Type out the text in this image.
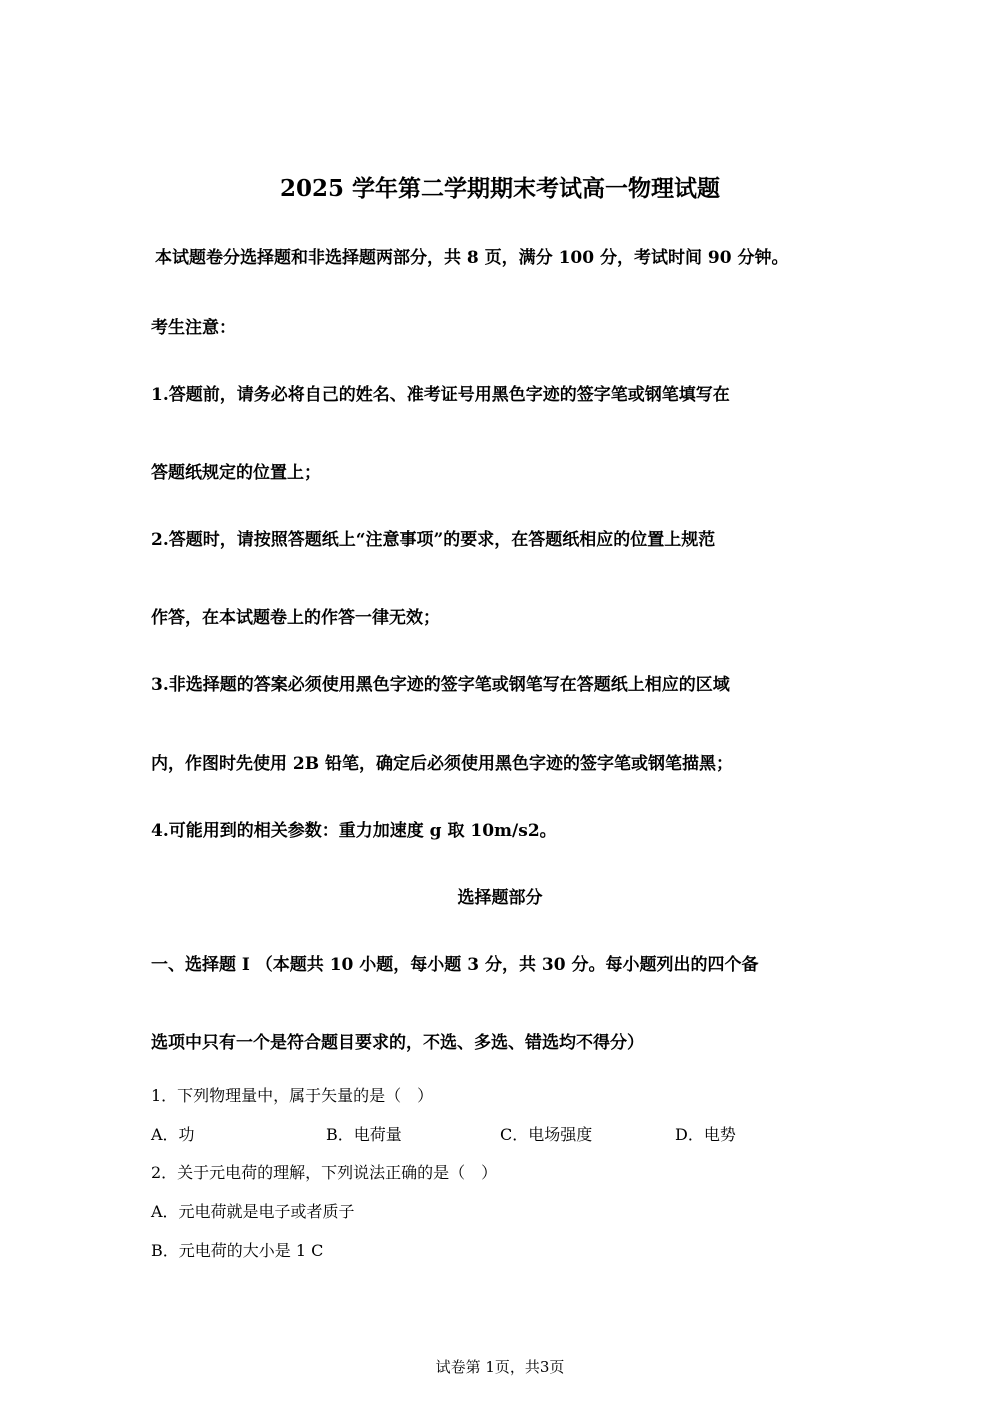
2025 学年第二学期期末考试高一物理试题
本试题卷分选择题和非选择题两部分，共 8 页，满分 100 分，考试时间 90 分钟。
考生注意：
1.答题前，请务必将自己的姓名、准考证号用黑色字迹的签字笔或钢笔填写在
答题纸规定的位置上；
2.答题时，请按照答题纸上“注意事项”的要求，在答题纸相应的位置上规范
作答，在本试题卷上的作答一律无效；
3.非选择题的答案必须使用黑色字迹的签字笔或钢笔写在答题纸上相应的区域
内，作图时先使用 2B 铅笔，确定后必须使用黑色字迹的签字笔或钢笔描黑；
4.可能用到的相关参数：重力加速度 g 取 10m/s2。
选择题部分
一、选择题 I （本题共 10 小题，每小题 3 分，共 30 分。每小题列出的四个备
选项中只有一个是符合题目要求的，不选、多选、错选均不得分）
1．下列物理量中，属于矢量的是（　）
A．功	B．电荷量	C．电场强度	D．电势
2．关于元电荷的理解，下列说法正确的是（　）
A．元电荷就是电子或者质子
B．元电荷的大小是 1 C
试卷第 1页，共3页
